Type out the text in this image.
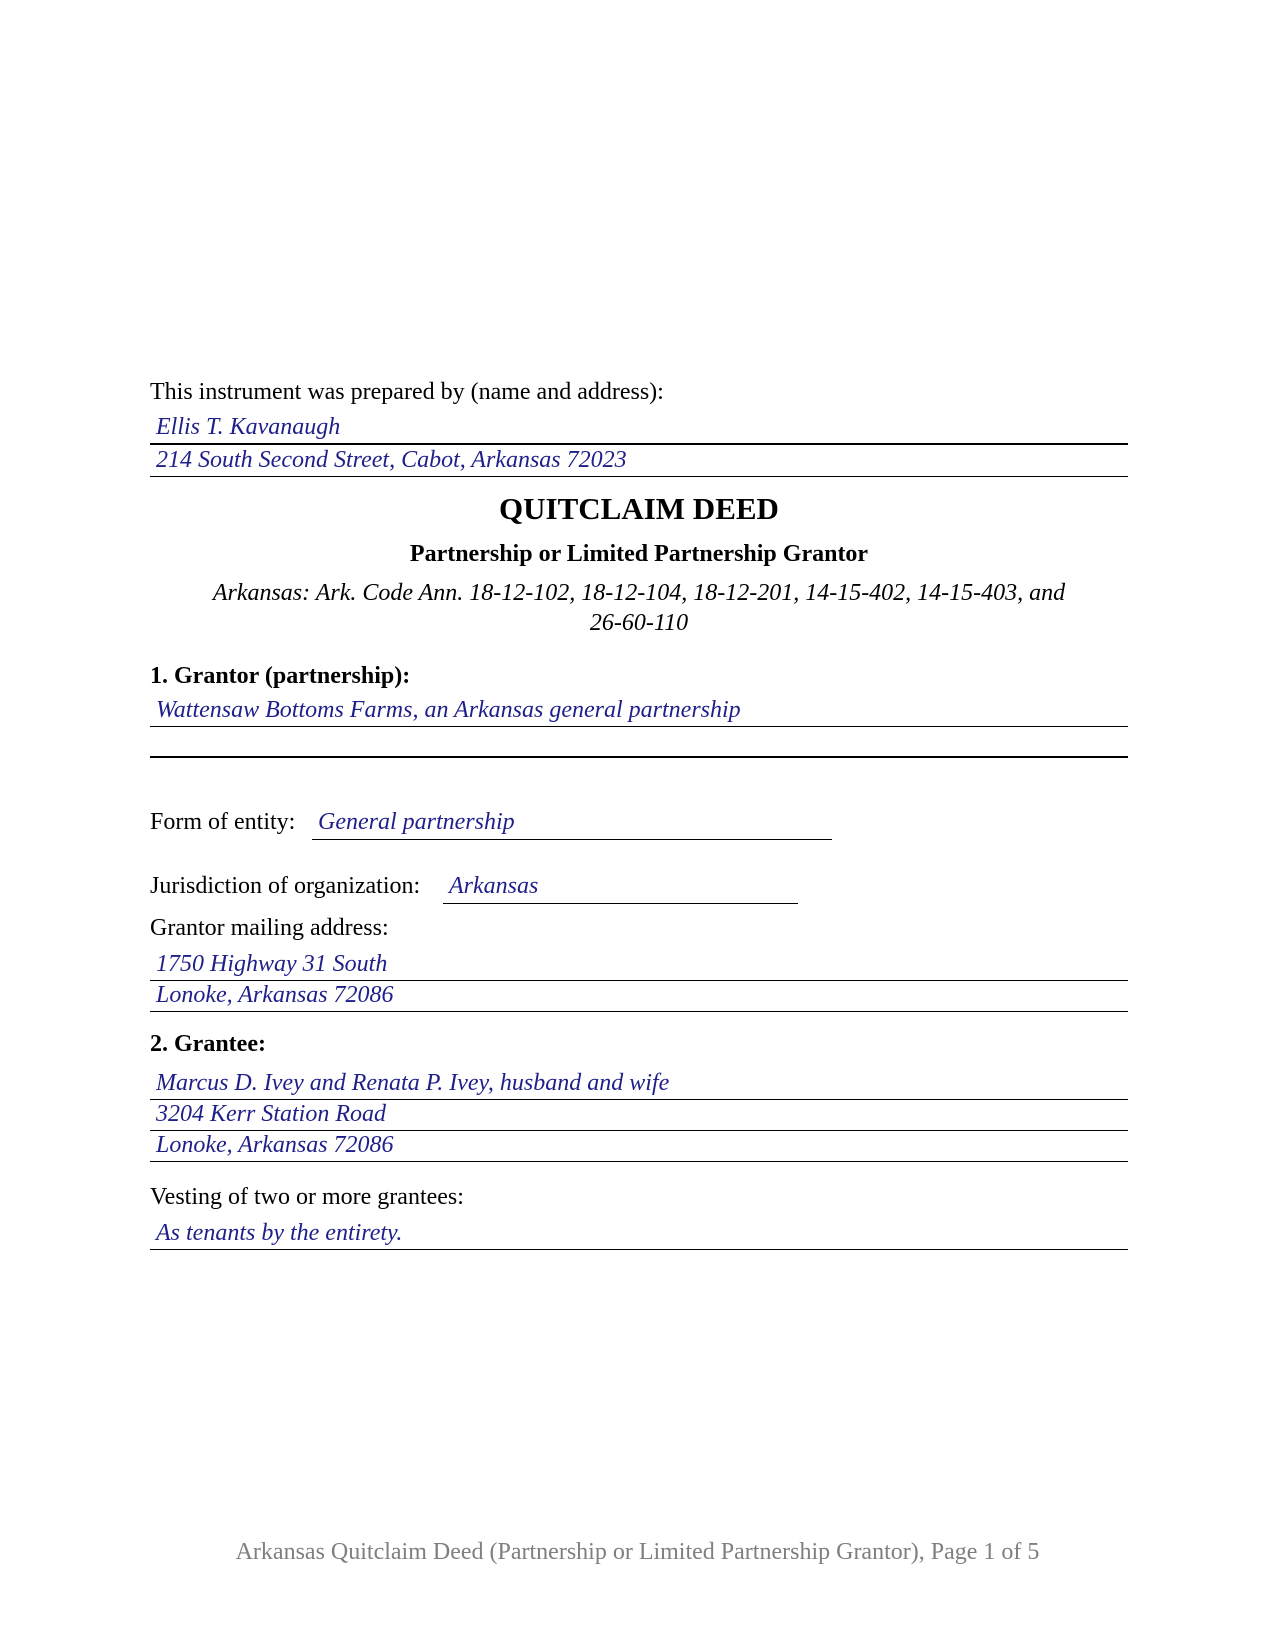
This instrument was prepared by (name and address):
Ellis T. Kavanaugh
214 South Second Street, Cabot, Arkansas 72023
QUITCLAIM DEED
Partnership or Limited Partnership Grantor
Arkansas: Ark. Code Ann. 18-12-102, 18-12-104, 18-12-201, 14-15-402, 14-15-403, and
26-60-110
1. Grantor (partnership):
Wattensaw Bottoms Farms, an Arkansas general partnership
Form of entity: General partnership
Jurisdiction of organization: Arkansas
Grantor mailing address:
1750 Highway 31 South
Lonoke, Arkansas 72086
2. Grantee:
Marcus D. Ivey and Renata P. Ivey, husband and wife
3204 Kerr Station Road
Lonoke, Arkansas 72086
Vesting of two or more grantees:
As tenants by the entirety.
Arkansas Quitclaim Deed (Partnership or Limited Partnership Grantor), Page 1 of 5
